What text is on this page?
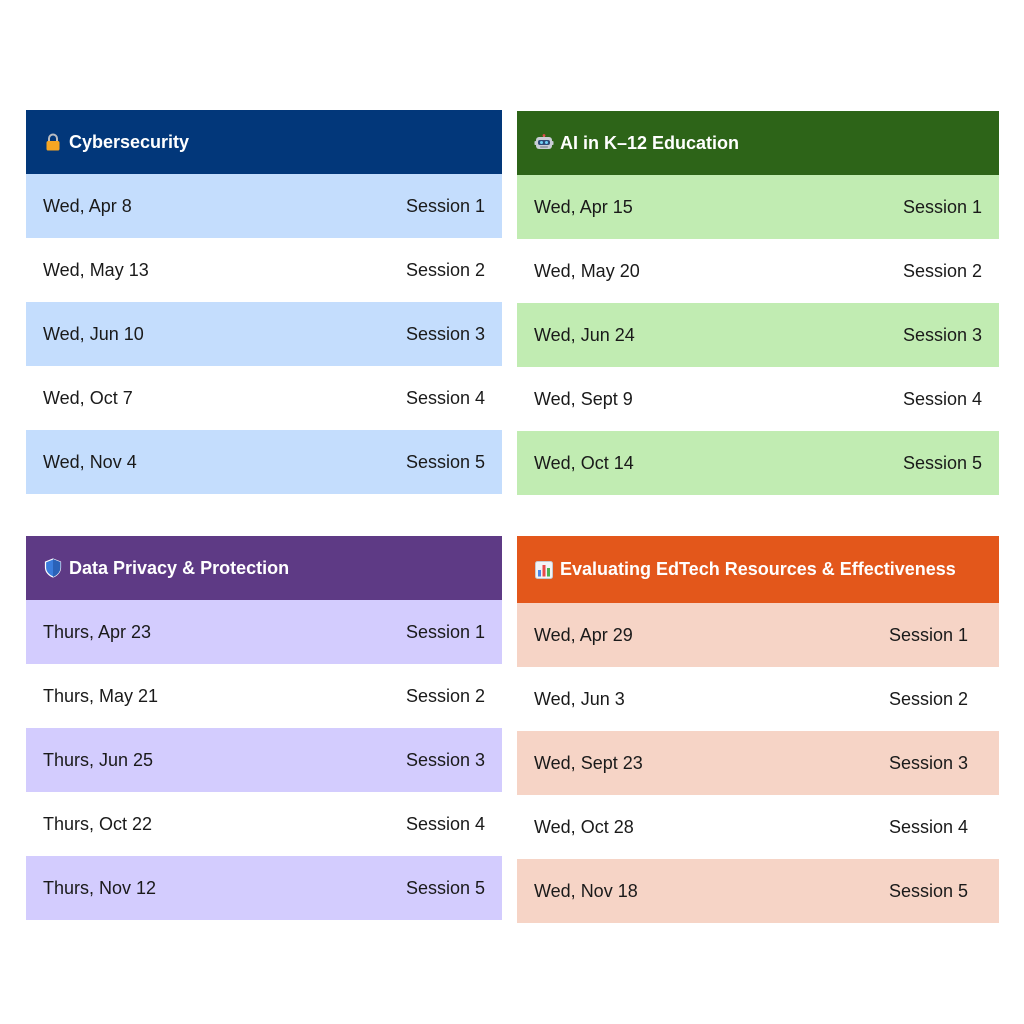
Cybersecurity
Wed, Apr 8	Session 1
Wed, May 13	Session 2
Wed, Jun 10	Session 3
Wed, Oct 7	Session 4
Wed, Nov 4	Session 5
AI in K–12 Education
Wed, Apr 15	Session 1
Wed, May 20	Session 2
Wed, Jun 24	Session 3
Wed, Sept 9	Session 4
Wed, Oct 14	Session 5
Data Privacy & Protection
Thurs, Apr 23	Session 1
Thurs, May 21	Session 2
Thurs, Jun 25	Session 3
Thurs, Oct 22	Session 4
Thurs, Nov 12	Session 5
Evaluating EdTech Resources & Effectiveness
Wed, Apr 29	Session 1
Wed, Jun 3	Session 2
Wed, Sept 23	Session 3
Wed, Oct 28	Session 4
Wed, Nov 18	Session 5
